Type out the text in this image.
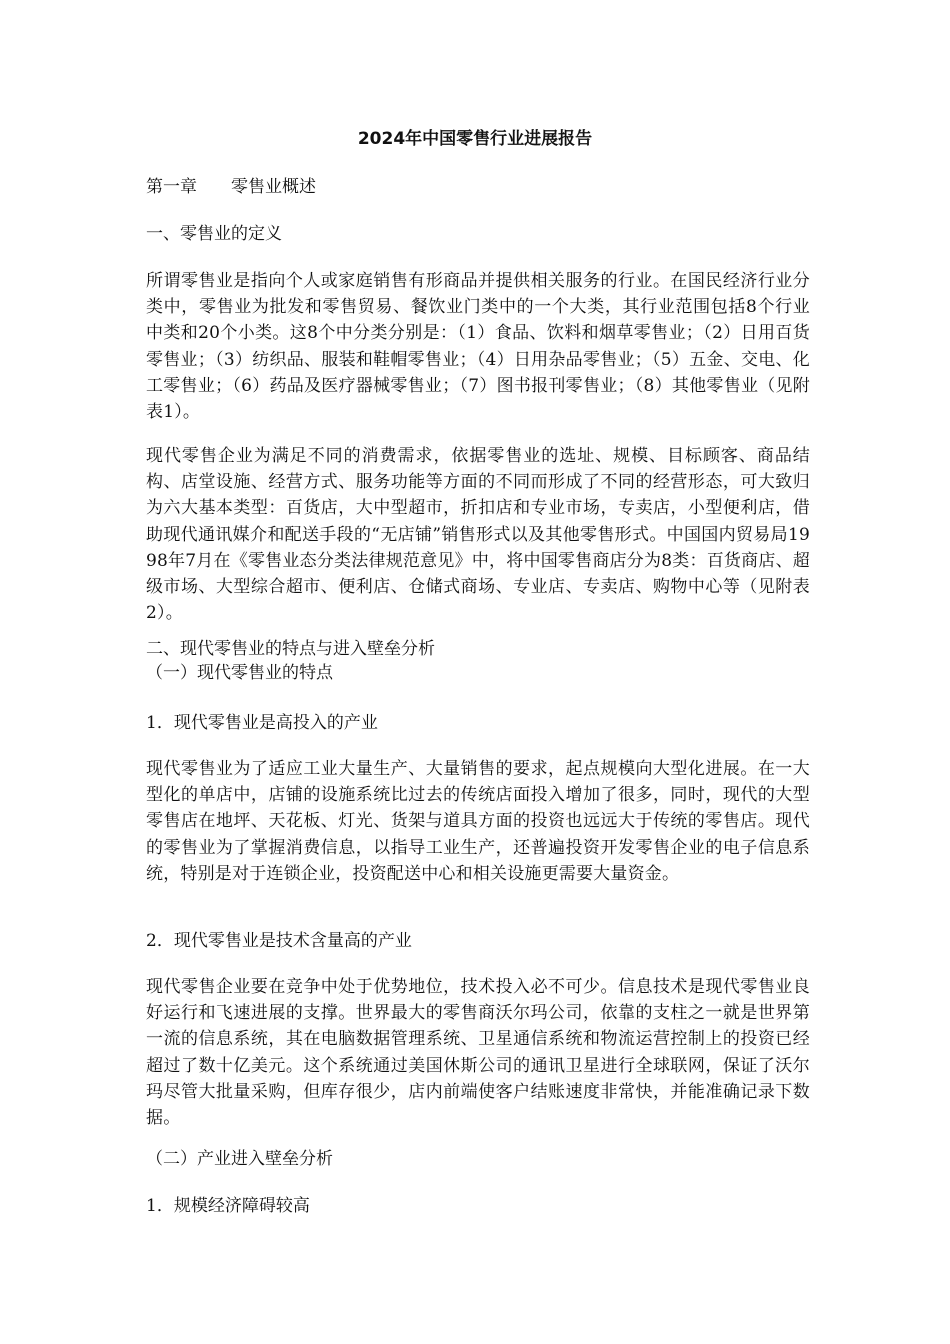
2024年中国零售行业进展报告
第一章　　零售业概述
一、零售业的定义
所谓零售业是指向个人或家庭销售有形商品并提供相关服务的行业。在国民经济行业分类中，零售业为批发和零售贸易、餐饮业门类中的一个大类，其行业范围包括8个行业中类和20个小类。这8个中分类分别是：（1）食品、饮料和烟草零售业；（2）日用百货零售业；（3）纺织品、服装和鞋帽零售业；（4）日用杂品零售业；（5）五金、交电、化工零售业；（6）药品及医疗器械零售业；（7）图书报刊零售业；（8）其他零售业（见附表1）。
现代零售企业为满足不同的消费需求，依据零售业的选址、规模、目标顾客、商品结构、店堂设施、经营方式、服务功能等方面的不同而形成了不同的经营形态，可大致归为六大基本类型：百货店，大中型超市，折扣店和专业市场，专卖店，小型便利店，借助现代通讯媒介和配送手段的“无店铺”销售形式以及其他零售形式。中国国内贸易局1998年7月在《零售业态分类法律规范意见》中，将中国零售商店分为8类：百货商店、超级市场、大型综合超市、便利店、仓储式商场、专业店、专卖店、购物中心等（见附表2）。
二、现代零售业的特点与进入壁垒分析
（一）现代零售业的特点
1．现代零售业是高投入的产业
现代零售业为了适应工业大量生产、大量销售的要求，起点规模向大型化进展。在一大型化的单店中，店铺的设施系统比过去的传统店面投入增加了很多，同时，现代的大型零售店在地坪、天花板、灯光、货架与道具方面的投资也远远大于传统的零售店。现代的零售业为了掌握消费信息，以指导工业生产，还普遍投资开发零售企业的电子信息系统，特别是对于连锁企业，投资配送中心和相关设施更需要大量资金。
2．现代零售业是技术含量高的产业
现代零售企业要在竞争中处于优势地位，技术投入必不可少。信息技术是现代零售业良好运行和飞速进展的支撑。世界最大的零售商沃尔玛公司，依靠的支柱之一就是世界第一流的信息系统，其在电脑数据管理系统、卫星通信系统和物流运营控制上的投资已经超过了数十亿美元。这个系统通过美国休斯公司的通讯卫星进行全球联网，保证了沃尔玛尽管大批量采购，但库存很少，店内前端使客户结账速度非常快，并能准确记录下数据。
（二）产业进入壁垒分析
1．规模经济障碍较高
